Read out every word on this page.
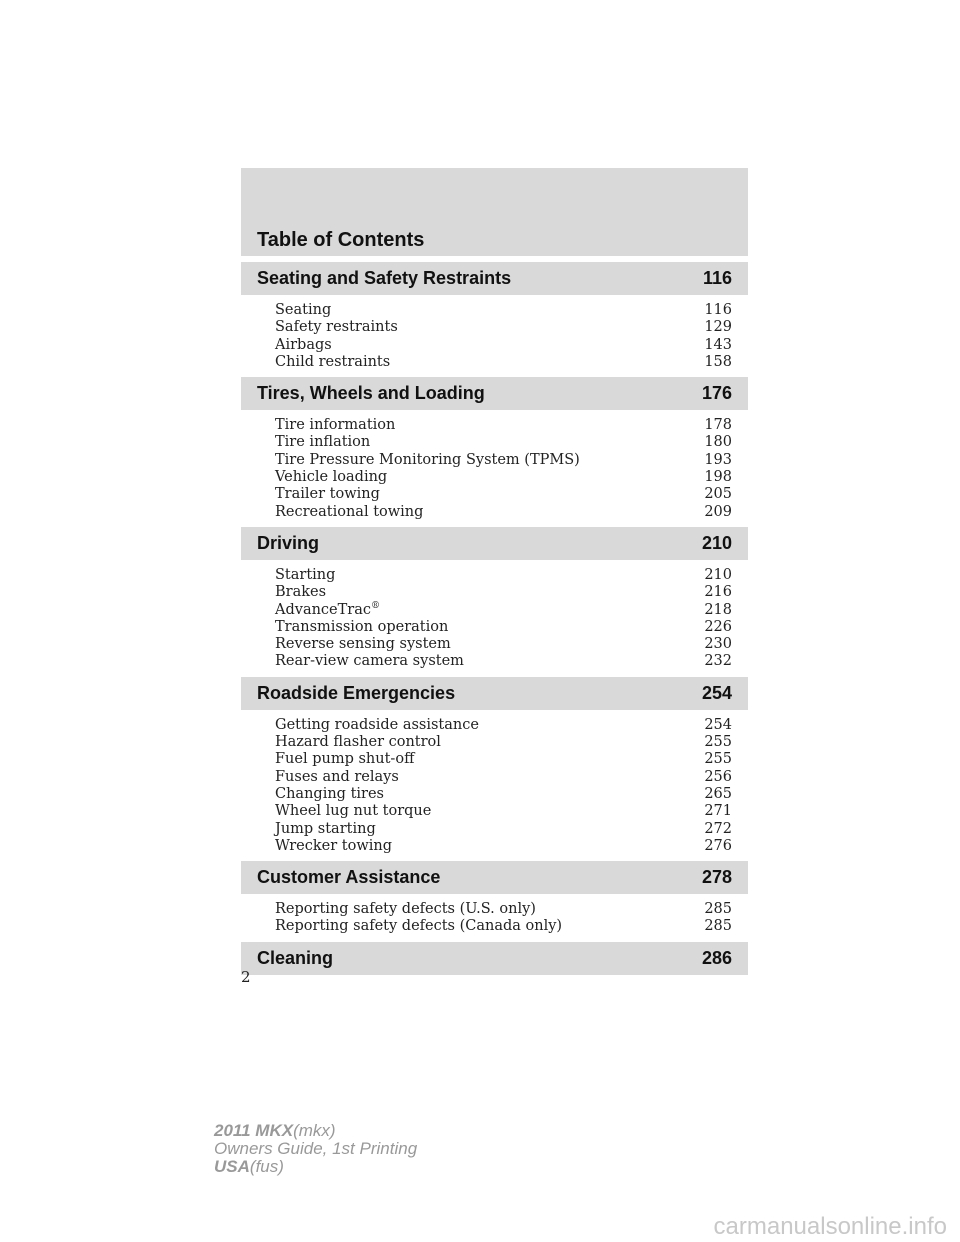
Table of Contents
Seating and Safety Restraints	116
Seating	116
Safety restraints	129
Airbags	143
Child restraints	158
Tires, Wheels and Loading	176
Tire information	178
Tire inflation	180
Tire Pressure Monitoring System (TPMS)	193
Vehicle loading	198
Trailer towing	205
Recreational towing	209
Driving	210
Starting	210
Brakes	216
AdvanceTrac®	218
Transmission operation	226
Reverse sensing system	230
Rear-view camera system	232
Roadside Emergencies	254
Getting roadside assistance	254
Hazard flasher control	255
Fuel pump shut-off	255
Fuses and relays	256
Changing tires	265
Wheel lug nut torque	271
Jump starting	272
Wrecker towing	276
Customer Assistance	278
Reporting safety defects (U.S. only)	285
Reporting safety defects (Canada only)	285
Cleaning	286
2
2011 MKX(mkx)
Owners Guide, 1st Printing
USA(fus)
carmanualsonline.info
